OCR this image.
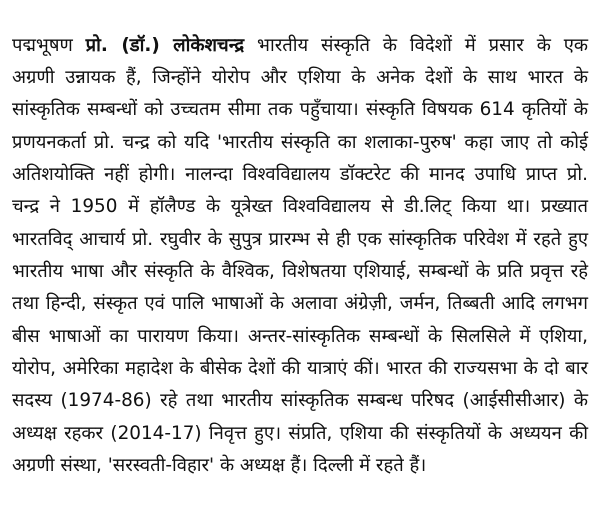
पद्मभूषण प्रो. (डॉ.) लोकेशचन्द्र भारतीय संस्कृति के विदेशों में प्रसार के एक
अग्रणी उन्नायक हैं, जिन्होंने योरोप और एशिया के अनेक देशों के साथ भारत के
सांस्कृतिक सम्बन्धों को उच्चतम सीमा तक पहुँचाया। संस्कृति विषयक 614 कृतियों के
प्रणयनकर्ता प्रो. चन्द्र को यदि 'भारतीय संस्कृति का शलाका-पुरुष' कहा जाए तो कोई
अतिशयोक्ति नहीं होगी। नालन्दा विश्वविद्यालय डॉक्टरेट की मानद उपाधि प्राप्त प्रो.
चन्द्र ने 1950 में हॉलैण्ड के यूत्रेख्त विश्वविद्यालय से डी.लिट् किया था। प्रख्यात
भारतविद् आचार्य प्रो. रघुवीर के सुपुत्र प्रारम्भ से ही एक सांस्कृतिक परिवेश में रहते हुए
भारतीय भाषा और संस्कृति के वैश्विक, विशेषतया एशियाई, सम्बन्धों के प्रति प्रवृत्त रहे
तथा हिन्दी, संस्कृत एवं पालि भाषाओं के अलावा अंग्रेज़ी, जर्मन, तिब्बती आदि लगभग
बीस भाषाओं का पारायण किया। अन्तर-सांस्कृतिक सम्बन्धों के सिलसिले में एशिया,
योरोप, अमेरिका महादेश के बीसेक देशों की यात्राएं कीं। भारत की राज्यसभा के दो बार
सदस्य (1974-86) रहे तथा भारतीय सांस्कृतिक सम्बन्ध परिषद (आईसीसीआर) के
अध्यक्ष रहकर (2014-17) निवृत्त हुए। संप्रति, एशिया की संस्कृतियों के अध्ययन की
अग्रणी संस्था, 'सरस्वती-विहार' के अध्यक्ष हैं। दिल्ली में रहते हैं।
